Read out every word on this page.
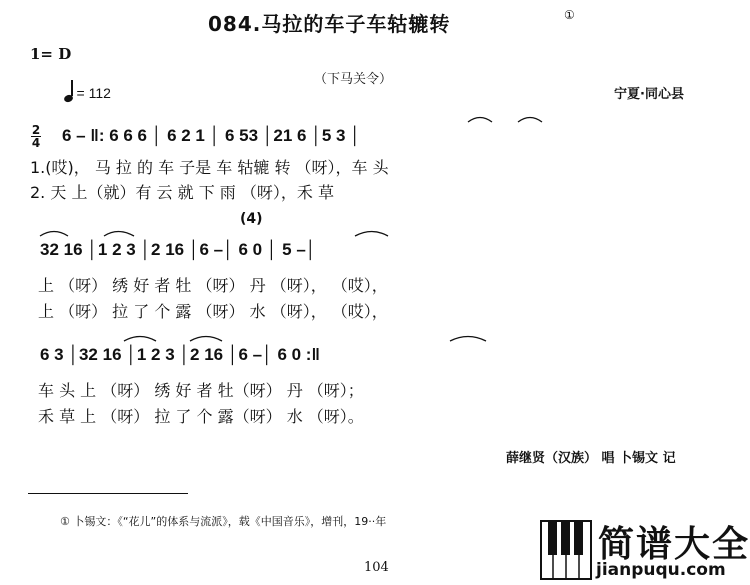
084.马拉的车子车轱辘转	①
1= D
（下马关令）
宁夏·同心县
= 112
2
4 6 – ‖: 6 6 6 │ 6 2 1 │ 6 53 │21 6 │5 3 │
1.(哎)， 马 拉 的 车 子是 车 轱辘 转 （呀），车 头
2. 天 上（就）有 云 就 下 雨 （呀），禾 草
(4)
32 16 │1 2 3 │2 16 │6 –│ 6 0 │ 5 –│
上 （呀） 绣 好 者 牡 （呀） 丹 （呀）， （哎），
上 （呀） 拉 了 个 露 （呀） 水 （呀）， （哎），
6 3 │32 16 │1 2 3 │2 16 │6 –│ 6 0 :‖
车 头 上 （呀） 绣 好 者 牡（呀） 丹 （呀）；
禾 草 上 （呀） 拉 了 个 露（呀） 水 （呀）。
薛继贤（汉族） 唱 卜锡文 记
① 卜锡文：《“花儿”的体系与流派》，载《中国音乐》，增刊，19··年
104
简谱大全
jianpuqu.com
